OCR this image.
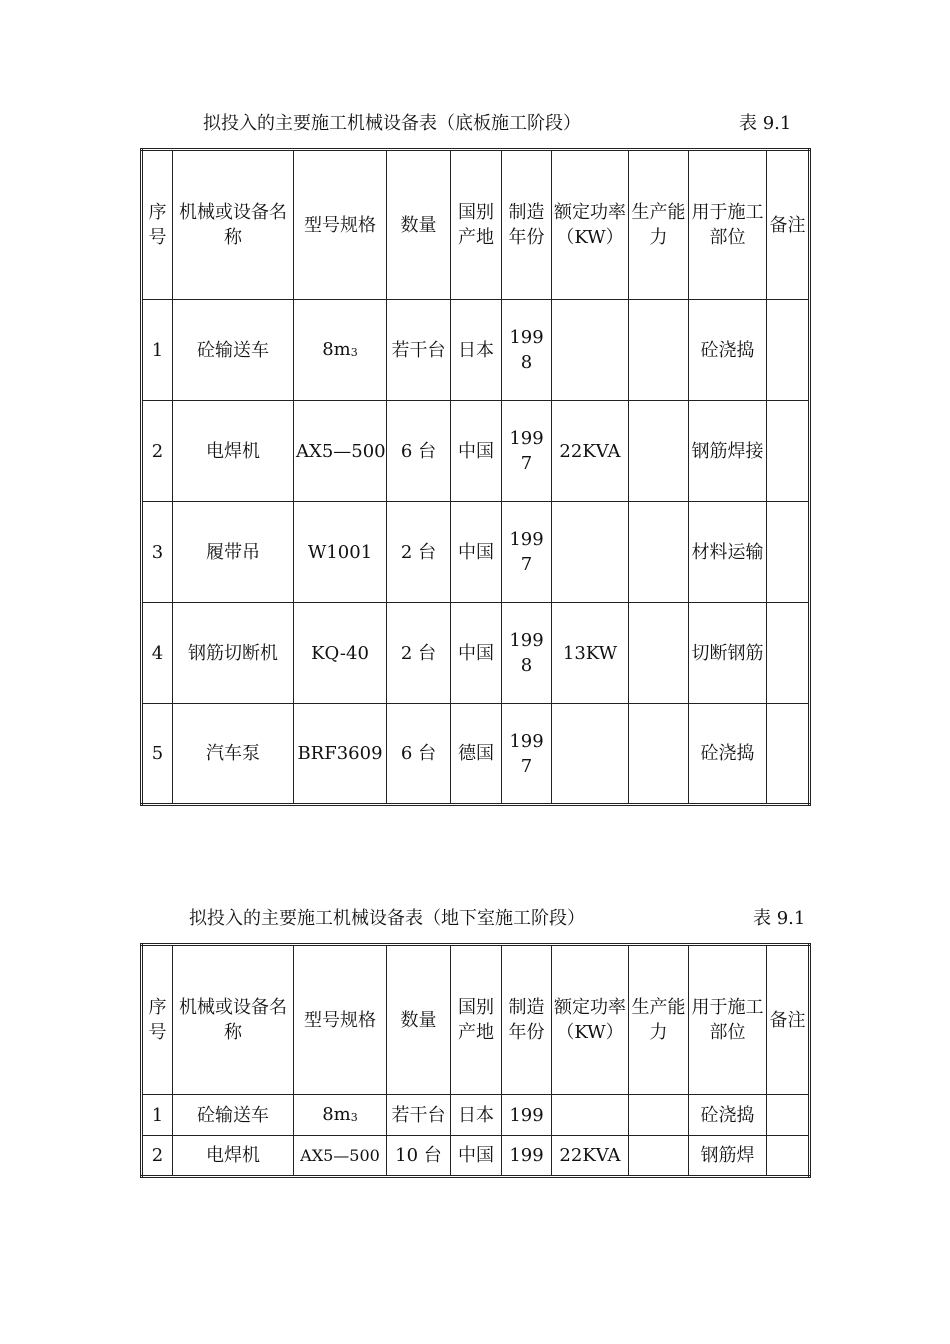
拟投入的主要施工机械设备表（底板施工阶段）	表 9.1
序号	机械或设备名称	型号规格	数量	国别产地	制造年份	额定功率（KW）	生产能力	用于施工部位	备注
1	砼输送车	$8m_3$	若干台	日本	1998			砼浇捣	
2	电焊机	AX5—500	6 台	中国	1997	22KVA		钢筋焊接	
3	履带吊	W1001	2 台	中国	1997			材料运输	
4	钢筋切断机	KQ-40	2 台	中国	1998	13KW		切断钢筋	
5	汽车泵	BRF3609	6 台	德国	1997			砼浇捣	
拟投入的主要施工机械设备表（地下室施工阶段）	表 9.1
序号	机械或设备名称	型号规格	数量	国别产地	制造年份	额定功率（KW）	生产能力	用于施工部位	备注
1	砼输送车	$8m_3$	若干台	日本	199			砼浇捣	
2	电焊机	AX5—500	10 台	中国	199	22KVA		钢筋焊	
